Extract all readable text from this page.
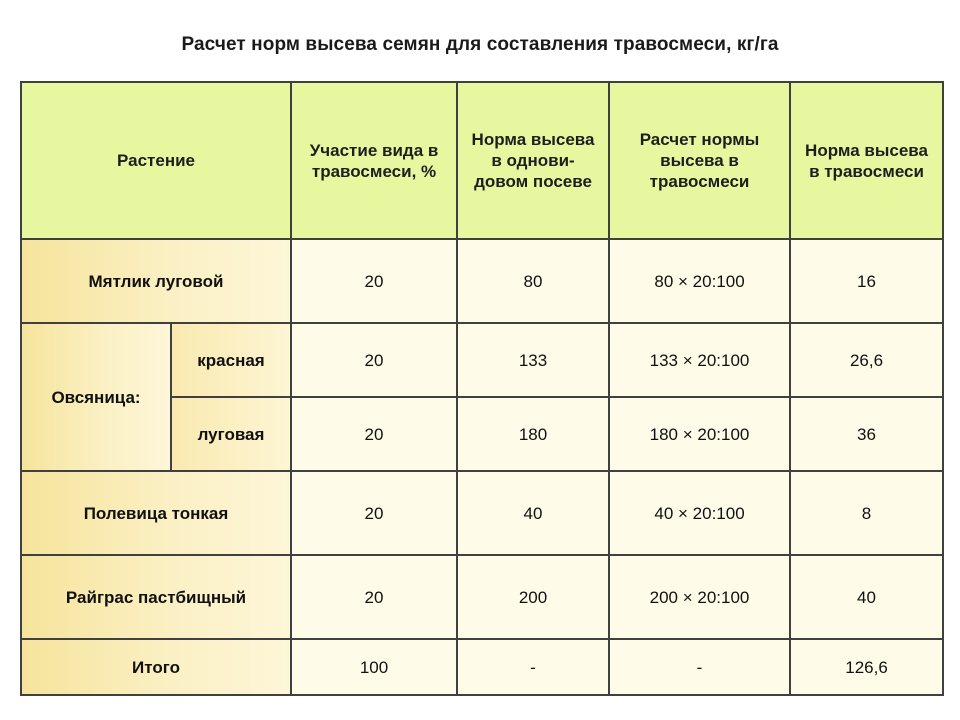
Расчет норм высева семян для составления травосмеси, кг/га
Растение		Участие вида в травосмеси, %	Норма высева в однови-довом посеве	Расчет нормы высева в травосмеси	Норма высева в травосмеси
Мятлик луговой		20	80	80 × 20:100	16
Овсяница:	красная	20	133	133 × 20:100	26,6
	луговая	20	180	180 × 20:100	36
Полевица тонкая		20	40	40 × 20:100	8
Райграс пастбищный		20	200	200 × 20:100	40
Итого		100	-	-	126,6
